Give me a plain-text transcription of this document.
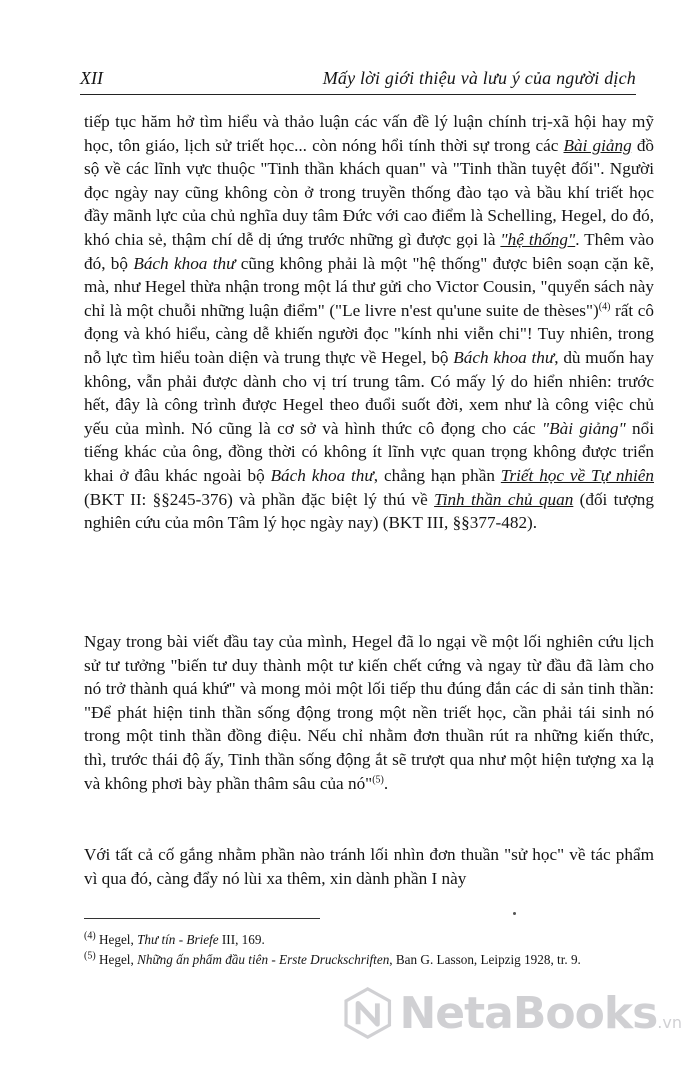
XII	Mấy lời giới thiệu và lưu ý của người dịch

tiếp tục hăm hở tìm hiểu và thảo luận các vấn đề lý luận chính trị-xã hội hay mỹ học, tôn giáo, lịch sử triết học... còn nóng hổi tính thời sự trong các Bài giảng đồ sộ về các lĩnh vực thuộc "Tinh thần khách quan" và "Tinh thần tuyệt đối". Người đọc ngày nay cũng không còn ở trong truyền thống đào tạo và bầu khí triết học đầy mãnh lực của chủ nghĩa duy tâm Đức với cao điểm là Schelling, Hegel, do đó, khó chia sẻ, thậm chí dễ dị ứng trước những gì được gọi là "hệ thống". Thêm vào đó, bộ Bách khoa thư cũng không phải là một "hệ thống" được biên soạn cặn kẽ, mà, như Hegel thừa nhận trong một lá thư gửi cho Victor Cousin, "quyển sách này chỉ là một chuỗi những luận điểm" ("Le livre n'est qu'une suite de thèses")$^{(4)}$ rất cô đọng và khó hiểu, càng dễ khiến người đọc "kính nhi viễn chi"! Tuy nhiên, trong nỗ lực tìm hiểu toàn diện và trung thực về Hegel, bộ Bách khoa thư, dù muốn hay không, vẫn phải được dành cho vị trí trung tâm. Có mấy lý do hiển nhiên: trước hết, đây là công trình được Hegel theo đuổi suốt đời, xem như là công việc chủ yếu của mình. Nó cũng là cơ sở và hình thức cô đọng cho các "Bài giảng" nổi tiếng khác của ông, đồng thời có không ít lĩnh vực quan trọng không được triển khai ở đâu khác ngoài bộ Bách khoa thư, chẳng hạn phần Triết học về Tự nhiên (BKT II: §§245-376) và phần đặc biệt lý thú về Tinh thần chủ quan (đối tượng nghiên cứu của môn Tâm lý học ngày nay) (BKT III, §§377-482).

Ngay trong bài viết đầu tay của mình, Hegel đã lo ngại về một lối nghiên cứu lịch sử tư tưởng "biến tư duy thành một tư kiến chết cứng và ngay từ đầu đã làm cho nó trở thành quá khứ" và mong mỏi một lối tiếp thu đúng đắn các di sản tinh thần: "Để phát hiện tinh thần sống động trong một nền triết học, cần phải tái sinh nó trong một tinh thần đồng điệu. Nếu chỉ nhằm đơn thuần rút ra những kiến thức, thì, trước thái độ ấy, Tinh thần sống động ắt sẽ trượt qua như một hiện tượng xa lạ và không phơi bày phần thâm sâu của nó"$^{(5)}$.

Với tất cả cố gắng nhằm phần nào tránh lối nhìn đơn thuần "sử học" về tác phẩm vì qua đó, càng đẩy nó lùi xa thêm, xin dành phần I này

$^{(4)}$ Hegel, Thư tín - Briefe III, 169.

$^{(5)}$ Hegel, Những ấn phẩm đầu tiên - Erste Druckschriften, Ban G. Lasson, Leipzig 1928, tr. 9.

NetaBooks.vn
